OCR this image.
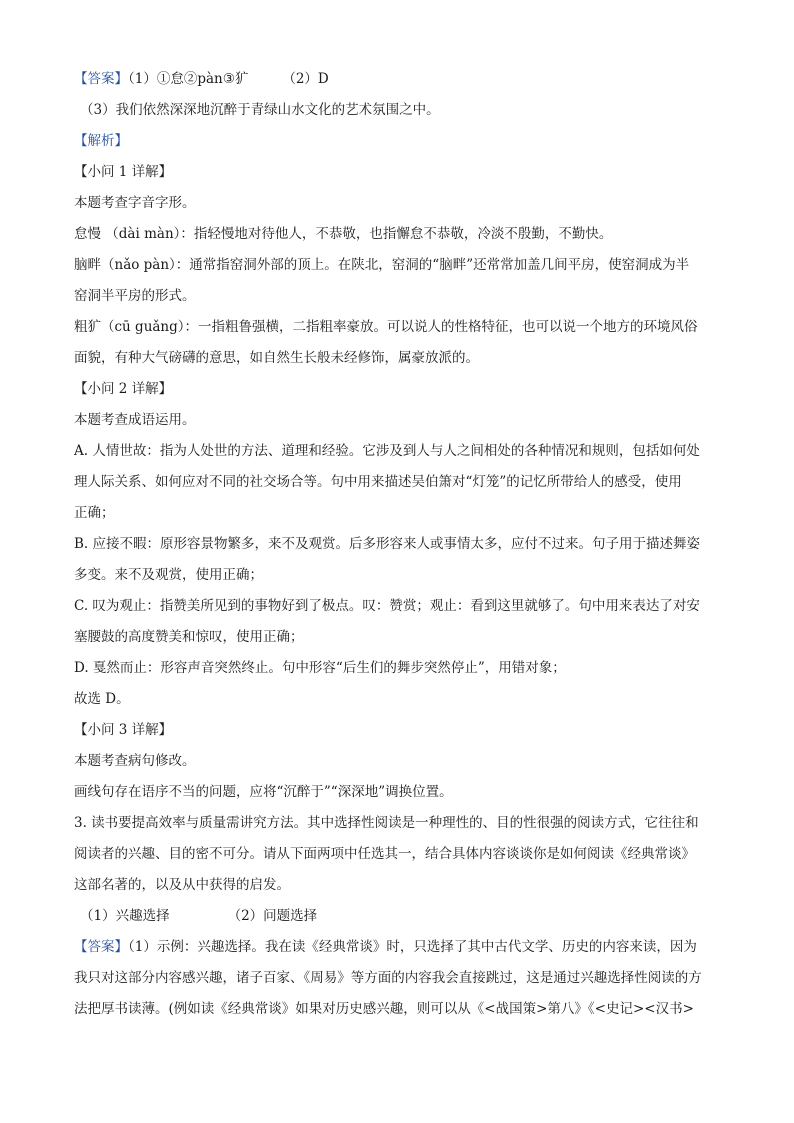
【答案】（1）①怠②pàn③犷	（2）D
（3）我们依然深深地沉醉于青绿山水文化的艺术氛围之中。
【解析】
【小问 1 详解】
本题考查字音字形。
怠慢 （dài màn）：指轻慢地对待他人，不恭敬，也指懈怠不恭敬，冷淡不殷勤，不勤快。
脑畔（nǎo pàn）：通常指窑洞外部的顶上。在陕北，窑洞的“脑畔”还常常加盖几间平房，使窑洞成为半
窑洞半平房的形式。
粗犷（cū guǎng）：一指粗鲁强横，二指粗率豪放。可以说人的性格特征，也可以说一个地方的环境风俗
面貌，有种大气磅礴的意思，如自然生长般未经修饰，属豪放派的。
【小问 2 详解】
本题考查成语运用。
A. 人情世故：指为人处世的方法、道理和经验。它涉及到人与人之间相处的各种情况和规则，包括如何处
理人际关系、如何应对不同的社交场合等。句中用来描述吴伯箫对“灯笼”的记忆所带给人的感受，使用
正确；
B. 应接不暇：原形容景物繁多，来不及观赏。后多形容来人或事情太多，应付不过来。句子用于描述舞姿
多变。来不及观赏，使用正确；
C. 叹为观止：指赞美所见到的事物好到了极点。叹：赞赏；观止：看到这里就够了。句中用来表达了对安
塞腰鼓的高度赞美和惊叹，使用正确；
D. 戛然而止：形容声音突然终止。句中形容“后生们的舞步突然停止”，用错对象；
故选 D。
【小问 3 详解】
本题考查病句修改。
画线句存在语序不当的问题，应将“沉醉于”“深深地”调换位置。
3. 读书要提高效率与质量需讲究方法。其中选择性阅读是一种理性的、目的性很强的阅读方式，它往往和
阅读者的兴趣、目的密不可分。请从下面两项中任选其一，结合具体内容谈谈你是如何阅读《经典常谈》
这部名著的，以及从中获得的启发。
（1）兴趣选择	（2）问题选择
【答案】（1）示例：兴趣选择。我在读《经典常谈》时，只选择了其中古代文学、历史的内容来读，因为
我只对这部分内容感兴趣，诸子百家、《周易》等方面的内容我会直接跳过，这是通过兴趣选择性阅读的方
法把厚书读薄。(例如读《经典常谈》如果对历史感兴趣，则可以从《<战国策>第八》《<史记><汉书>
